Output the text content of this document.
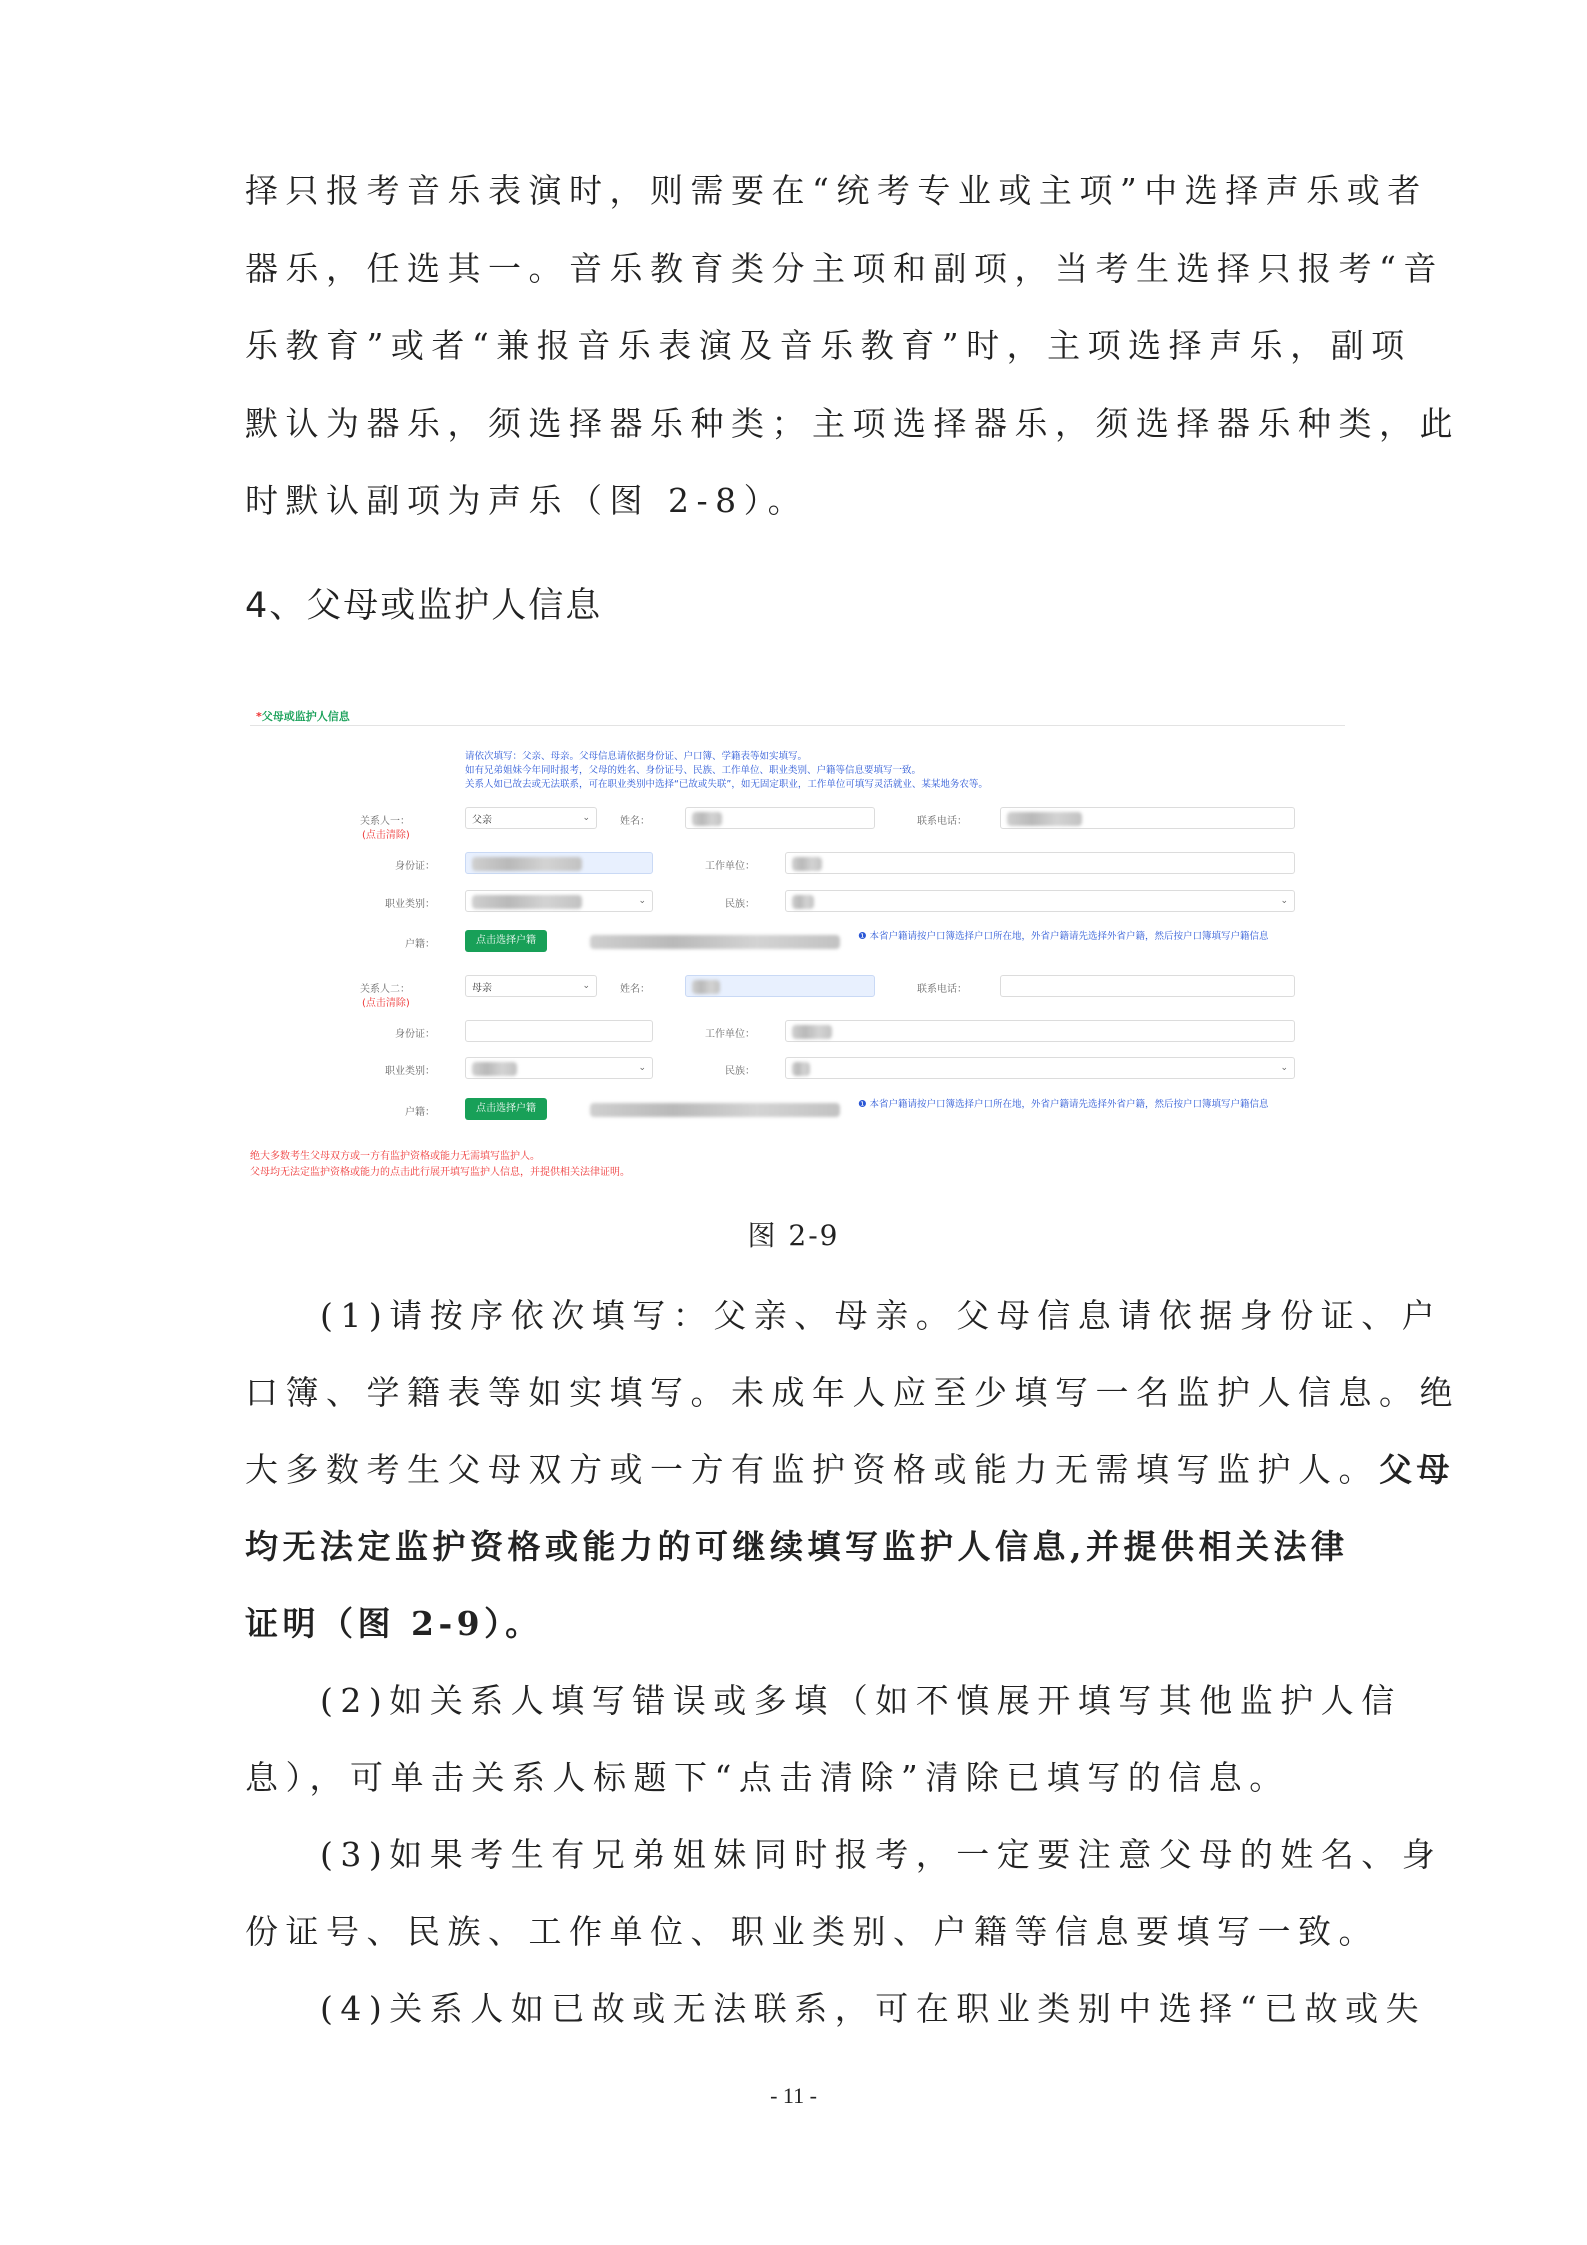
择只报考音乐表演时，则需要在“统考专业或主项”中选择声乐或者
器乐，任选其一。音乐教育类分主项和副项，当考生选择只报考“音
乐教育”或者“兼报音乐表演及音乐教育”时，主项选择声乐，副项
默认为器乐，须选择器乐种类；主项选择器乐，须选择器乐种类，此
时默认副项为声乐（图 2-8）。
4、父母或监护人信息
*父母或监护人信息
请依次填写：父亲、母亲。父母信息请依据身份证、户口簿、学籍表等如实填写。
如有兄弟姐妹今年同时报考，父母的姓名、身份证号、民族、工作单位、职业类别、户籍等信息要填写一致。
关系人如已故去或无法联系，可在职业类别中选择“已故或失联”，如无固定职业，工作单位可填写灵活就业、某某地务农等。
关系人一：
(点击清除)
父亲	⌄	姓名：	联系电话：
身份证：	工作单位：
职业类别：	⌄	民族：	⌄
户籍：	点击选择户籍	❶ 本省户籍请按户口簿选择户口所在地，外省户籍请先选择外省户籍，然后按户口簿填写户籍信息
关系人二：
(点击清除)
母亲	⌄	姓名：	联系电话：
身份证：	工作单位：
职业类别：	⌄	民族：	⌄
户籍：	点击选择户籍	❶ 本省户籍请按户口簿选择户口所在地，外省户籍请先选择外省户籍，然后按户口簿填写户籍信息
绝大多数考生父母双方或一方有监护资格或能力无需填写监护人。
父母均无法定监护资格或能力的点击此行展开填写监护人信息，并提供相关法律证明。
图 2-9
(1)请按序依次填写：父亲、母亲。父母信息请依据身份证、户
口簿、学籍表等如实填写。未成年人应至少填写一名监护人信息。绝
大多数考生父母双方或一方有监护资格或能力无需填写监护人。父母
均无法定监护资格或能力的可继续填写监护人信息,并提供相关法律
证明（图 2-9）。
(2)如关系人填写错误或多填（如不慎展开填写其他监护人信
息），可单击关系人标题下“点击清除”清除已填写的信息。
(3)如果考生有兄弟姐妹同时报考，一定要注意父母的姓名、身
份证号、民族、工作单位、职业类别、户籍等信息要填写一致。
(4)关系人如已故或无法联系，可在职业类别中选择“已故或失
- 11 -
